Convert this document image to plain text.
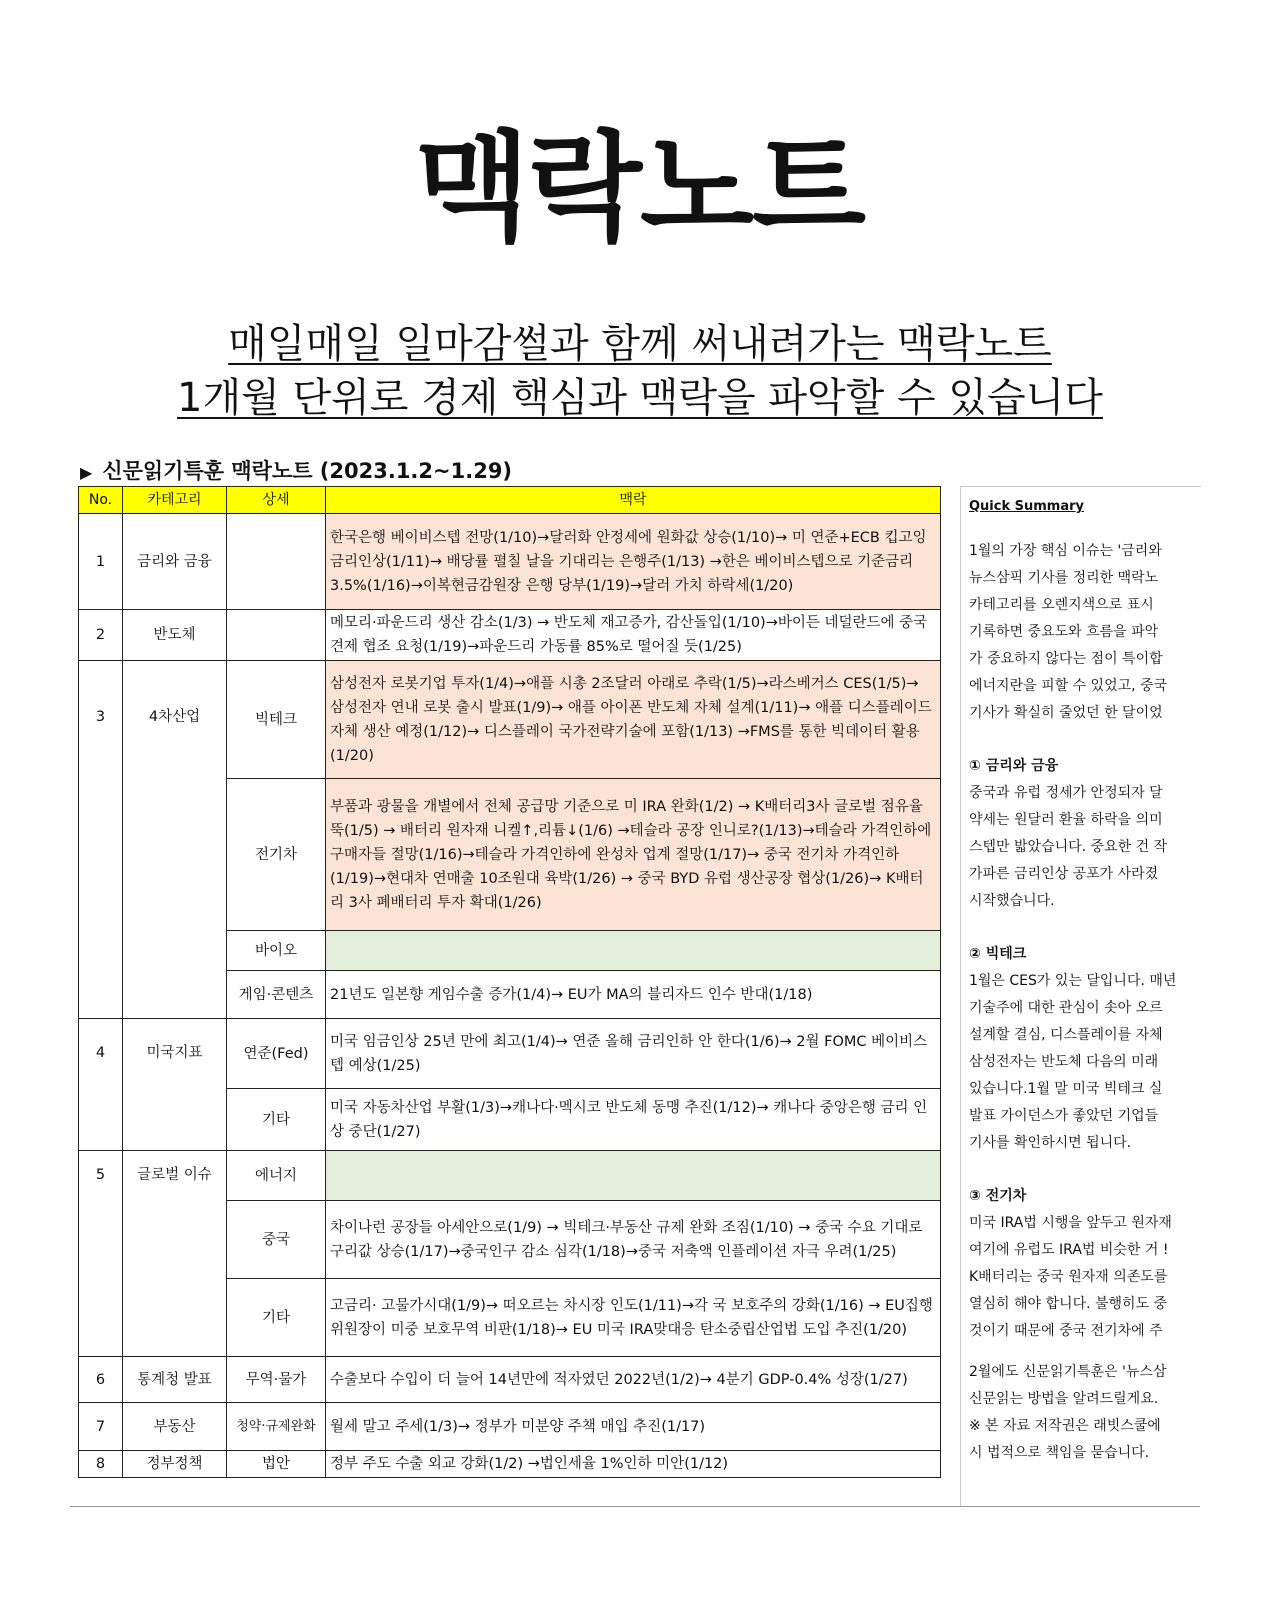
맥락노트
매일매일 일마감썰과 함께 써내려가는 맥락노트
1개월 단위로 경제 핵심과 맥락을 파악할 수 있습니다
▶ 신문읽기특훈 맥락노트 (2023.1.2~1.29)
No.	카테고리	상세	맥락
1	금리와 금융		한국은행 베이비스텝 전망(1/10)→달러화 안정세에 원화값 상승(1/10)→ 미 연준+ECB 킵고잉 금리인상(1/11)→ 배당률 펼칠 날을 기대리는 은행주(1/13) →한은 베이비스텝으로 기준금리3.5%(1/16)→이복현금감원장 은행 당부(1/19)→달러 가치 하락세(1/20)
2	반도체		메모리·파운드리 생산 감소(1/3) → 반도체 재고증가, 감산돌입(1/10)→바이든 네덜란드에 중국견제 협조 요청(1/19)→파운드리 가동률 85%로 떨어질 듯(1/25)
3	4차산업	빅테크	삼성전자 로봇기업 투자(1/4)→애플 시총 2조달러 아래로 추락(1/5)→라스베거스 CES(1/5)→ 삼성전자 연내 로봇 출시 발표(1/9)→ 애플 아이폰 반도체 자체 설계(1/11)→ 애플 디스플레이드 자체 생산 예정(1/12)→ 디스플레이 국가전략기술에 포함(1/13) →FMS를 통한 빅데이터 활용(1/20)
		전기차	부품과 광물을 개별에서 전체 공급망 기준으로 미 IRA 완화(1/2) → K배터리3사 글로벌 점유율 뚝(1/5) → 배터리 원자재 니켈↑,리튬↓(1/6) →테슬라 공장 인니로?(1/13)→테슬라 가격인하에 구매자들 절망(1/16)→테슬라 가격인하에 완성차 업계 절망(1/17)→ 중국 전기차 가격인하(1/19)→현대차 연매출 10조원대 육박(1/26) → 중국 BYD 유럽 생산공장 협상(1/26)→ K배터리 3사 폐배터리 투자 확대(1/26)
		바이오	
		게임·콘텐츠	21년도 일본향 게임수출 증가(1/4)→ EU가 MA의 블리자드 인수 반대(1/18)
4	미국지표	연준(Fed)	미국 임금인상 25년 만에 최고(1/4)→ 연준 올해 금리인하 안 한다(1/6)→ 2월 FOMC 베이비스텝 예상(1/25)
		기타	미국 자동차산업 부활(1/3)→캐나다·멕시코 반도체 동맹 추진(1/12)→ 캐나다 중앙은행 금리 인상 중단(1/27)
5	글로벌 이슈	에너지	
		중국	차이나런 공장들 아세안으로(1/9) → 빅테크·부동산 규제 완화 조짐(1/10) → 중국 수요 기대로 구리값 상승(1/17)→중국인구 감소 심각(1/18)→중국 저축액 인플레이션 자극 우려(1/25)
		기타	고금리· 고물가시대(1/9)→ 떠오르는 차시장 인도(1/11)→각 국 보호주의 강화(1/16) → EU집행위원장이 미중 보호무역 비판(1/18)→ EU 미국 IRA맞대응 탄소중립산업법 도입 추진(1/20)
6	통계청 발표	무역·물가	수출보다 수입이 더 늘어 14년만에 적자였던 2022년(1/2)→ 4분기 GDP-0.4% 성장(1/27)
7	부동산	청약·규제완화	월세 말고 주세(1/3)→ 정부가 미분양 주책 매입 추진(1/17)
8	정부정책	법안	정부 주도 수출 외교 강화(1/2) →법인세율 1%인하 미안(1/12)
Quick Summary

1월의 가장 핵심 이슈는 '금리와

뉴스삼픽 기사를 정리한 맥락노

카테고리를 오렌지색으로 표시

기록하면 중요도와 흐름을 파악

가 중요하지 않다는 점이 특이합

에너지란을 피할 수 있었고, 중국

기사가 확실히 줄었던 한 달이었

① 금리와 금융

중국과 유럽 정세가 안정되자 달

약세는 원달러 환율 하락을 의미

스텝만 밟았습니다. 중요한 건 작

가파른 금리인상 공포가 사라졌

시작했습니다.

② 빅테크

1월은 CES가 있는 달입니다. 매년

기술주에 대한 관심이 솟아 오르

설계할 결심, 디스플레이를 자체

삼성전자는 반도체 다음의 미래

있습니다.1월 말 미국 빅테크 실

발표 가이던스가 좋았던 기업들

기사를 확인하시면 됩니다.

③ 전기차

미국 IRA법 시행을 앞두고 원자재

여기에 유럽도 IRA법 비슷한 거 !

K배터리는 중국 원자재 의존도를

열심히 해야 합니다. 불행히도 중

것이기 때문에 중국 전기차에 주

2월에도 신문읽기특훈은 '뉴스삼

신문읽는 방법을 알려드릴게요.

※ 본 자료 저작권은 래빗스쿨에

시 법적으로 책임을 묻습니다.
